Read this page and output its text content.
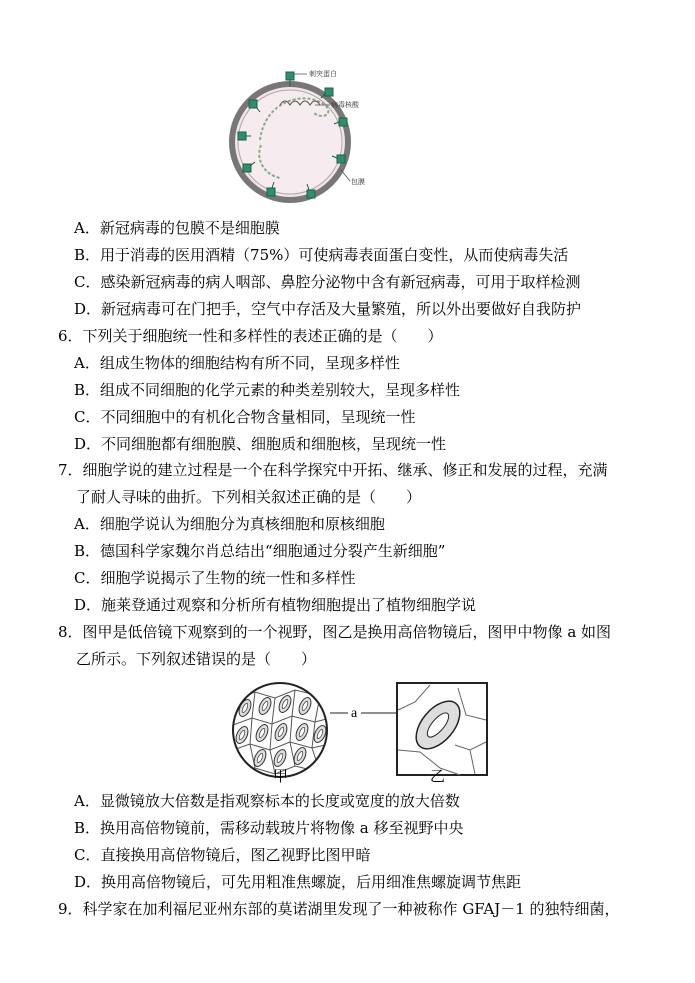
刺突蛋白
病毒核酸
包膜
A．新冠病毒的包膜不是细胞膜
B．用于消毒的医用酒精（75%）可使病毒表面蛋白变性，从而使病毒失活
C．感染新冠病毒的病人咽部、鼻腔分泌物中含有新冠病毒，可用于取样检测
D．新冠病毒可在门把手，空气中存活及大量繁殖，所以外出要做好自我防护
6．下列关于细胞统一性和多样性的表述正确的是（　　）
A．组成生物体的细胞结构有所不同，呈现多样性
B．组成不同细胞的化学元素的种类差别较大，呈现多样性
C．不同细胞中的有机化合物含量相同，呈现统一性
D．不同细胞都有细胞膜、细胞质和细胞核，呈现统一性
7．细胞学说的建立过程是一个在科学探究中开拓、继承、修正和发展的过程，充满
了耐人寻味的曲折。下列相关叙述正确的是（　　）
A．细胞学说认为细胞分为真核细胞和原核细胞
B．德国科学家魏尔肖总结出“细胞通过分裂产生新细胞”
C．细胞学说揭示了生物的统一性和多样性
D．施莱登通过观察和分析所有植物细胞提出了植物细胞学说
8．图甲是低倍镜下观察到的一个视野，图乙是换用高倍物镜后，图甲中物像 a 如图
乙所示。下列叙述错误的是（　　）
a
甲	乙
A．显微镜放大倍数是指观察标本的长度或宽度的放大倍数
B．换用高倍物镜前，需移动载玻片将物像 a 移至视野中央
C．直接换用高倍物镜后，图乙视野比图甲暗
D．换用高倍物镜后，可先用粗准焦螺旋，后用细准焦螺旋调节焦距
9．科学家在加利福尼亚州东部的莫诺湖里发现了一种被称作 GFAJ－1 的独特细菌，
